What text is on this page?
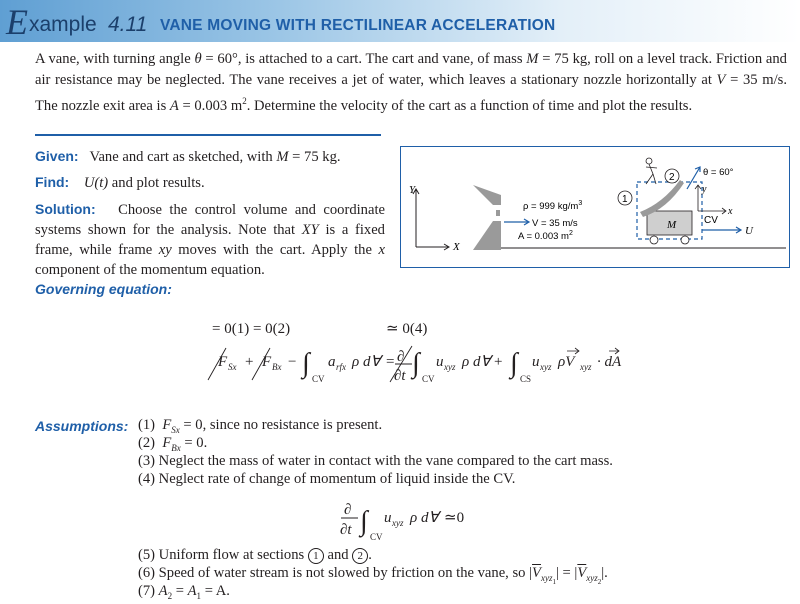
E xample 4.11 VANE MOVING WITH RECTILINEAR ACCELERATION
A vane, with turning angle θ = 60°, is attached to a cart. The cart and vane, of mass M = 75 kg, roll on a level track. Friction and air resistance may be neglected. The vane receives a jet of water, which leaves a stationary nozzle horizontally at V = 35 m/s. The nozzle exit area is A = 0.003 $m^2$. Determine the velocity of the cart as a function of time and plot the results.
Given: Vane and cart as sketched, with M = 75 kg.
Find: U(t) and plot results.
Solution: Choose the control volume and coordinate systems shown for the analysis. Note that XY is a fixed frame, while frame xy moves with the cart. Apply the x component of the momentum equation.
Governing equation:
= 0(1) = 0(2)	≃ 0(4)
F Sx + F Bx − ∫ CV
a rfx ρ d∀ = ∂
∂t ∫ CV
u xyz ρ d∀ + ∫ CS
u xyz ρV xyz · dA
Assumptions: (1) $F_{Sx} = 0$, since no resistance is present.
(2) $F_{Bx} = 0$.
(3) Neglect the mass of water in contact with the vane compared to the cart mass.
(4) Neglect rate of change of momentum of liquid inside the CV.
∂
∂t ∫ CV
u xyz ρ d∀ ≃0
(5) Uniform flow at sections 1 and 2 .
(6) Speed of water stream is not slowed by friction on the vane, so $|\overline{V}_{xyz_1}| = |\overline{V}_{xyz_2}|$.
(7) $A_2 = A_1 = A$.
Y
X
ρ = 999 $kg/m^3$
V = 35 m/s
A = 0.003 $m^2$
1
M
2	θ = 60°
y
x
CV
U
